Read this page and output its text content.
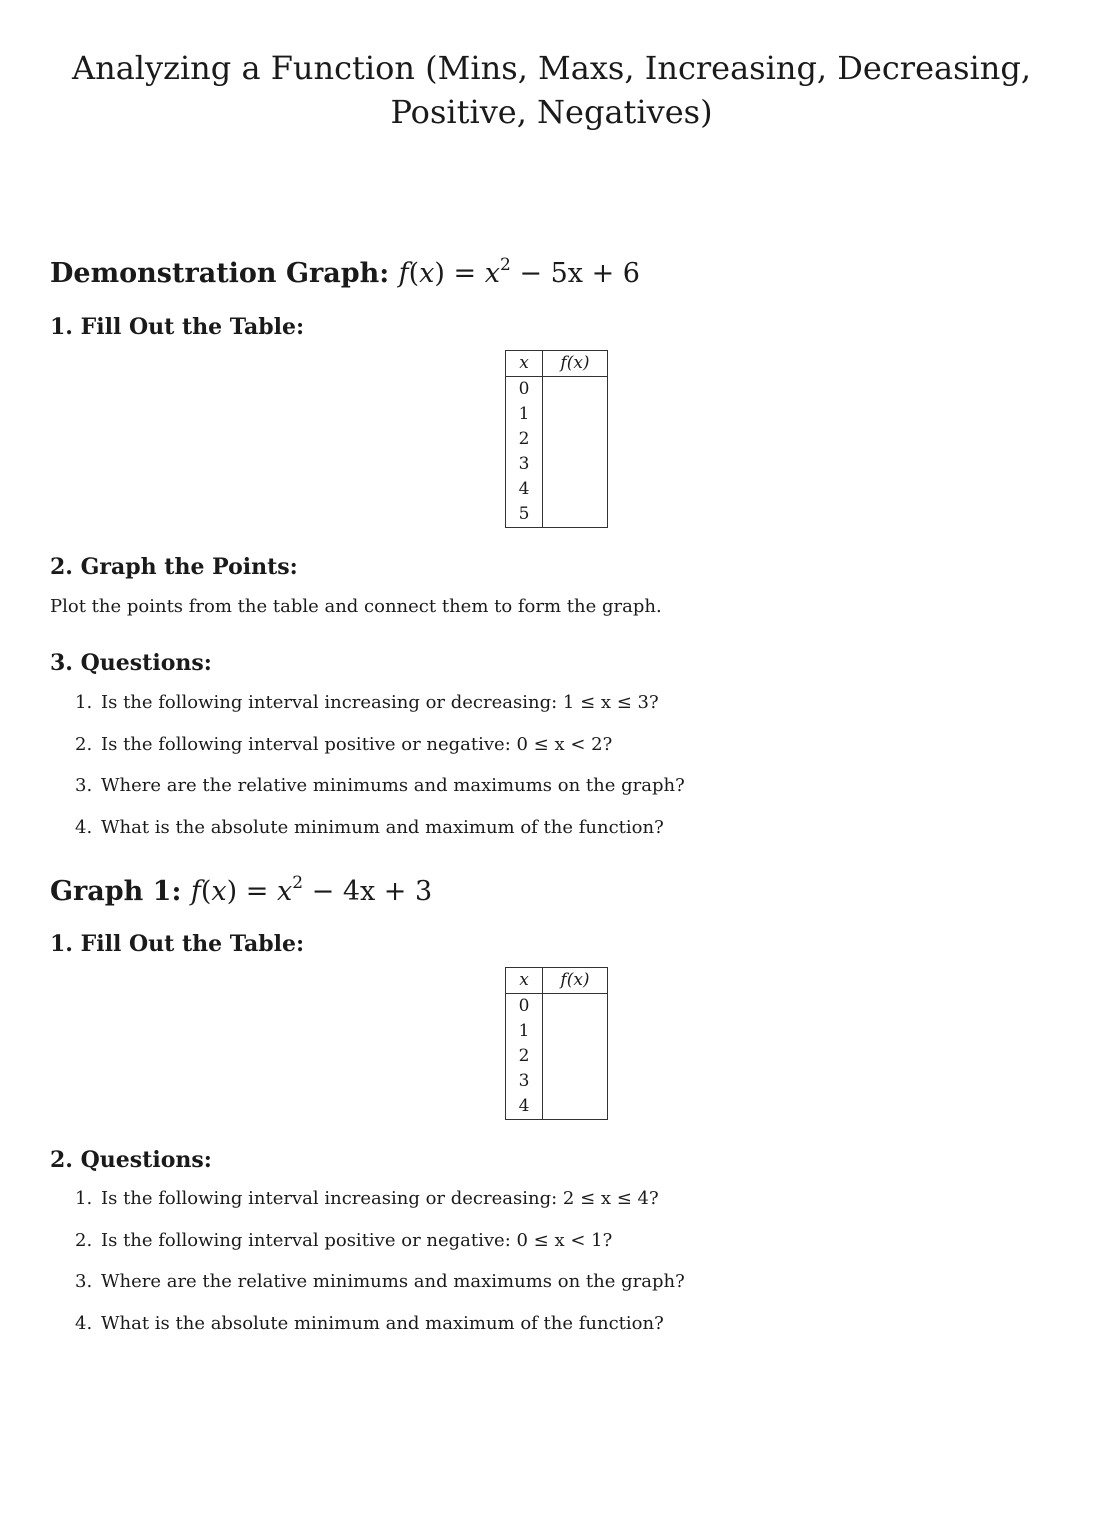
Analyzing a Function (Mins, Maxs, Increasing, Decreasing, Positive, Negatives)
Demonstration Graph: $f(x) = x^2 - 5x + 6$
1. Fill Out the Table:
x	f(x)
0	
1	
2	
3	
4	
5	
2. Graph the Points:
Plot the points from the table and connect them to form the graph.
3. Questions:
1. Is the following interval increasing or decreasing: 1 ≤ x ≤ 3?
2. Is the following interval positive or negative: 0 ≤ x < 2?
3. Where are the relative minimums and maximums on the graph?
4. What is the absolute minimum and maximum of the function?
Graph 1: $f(x) = x^2 - 4x + 3$
1. Fill Out the Table:
x	f(x)
0	
1	
2	
3	
4	
2. Questions:
1. Is the following interval increasing or decreasing: 2 ≤ x ≤ 4?
2. Is the following interval positive or negative: 0 ≤ x < 1?
3. Where are the relative minimums and maximums on the graph?
4. What is the absolute minimum and maximum of the function?
